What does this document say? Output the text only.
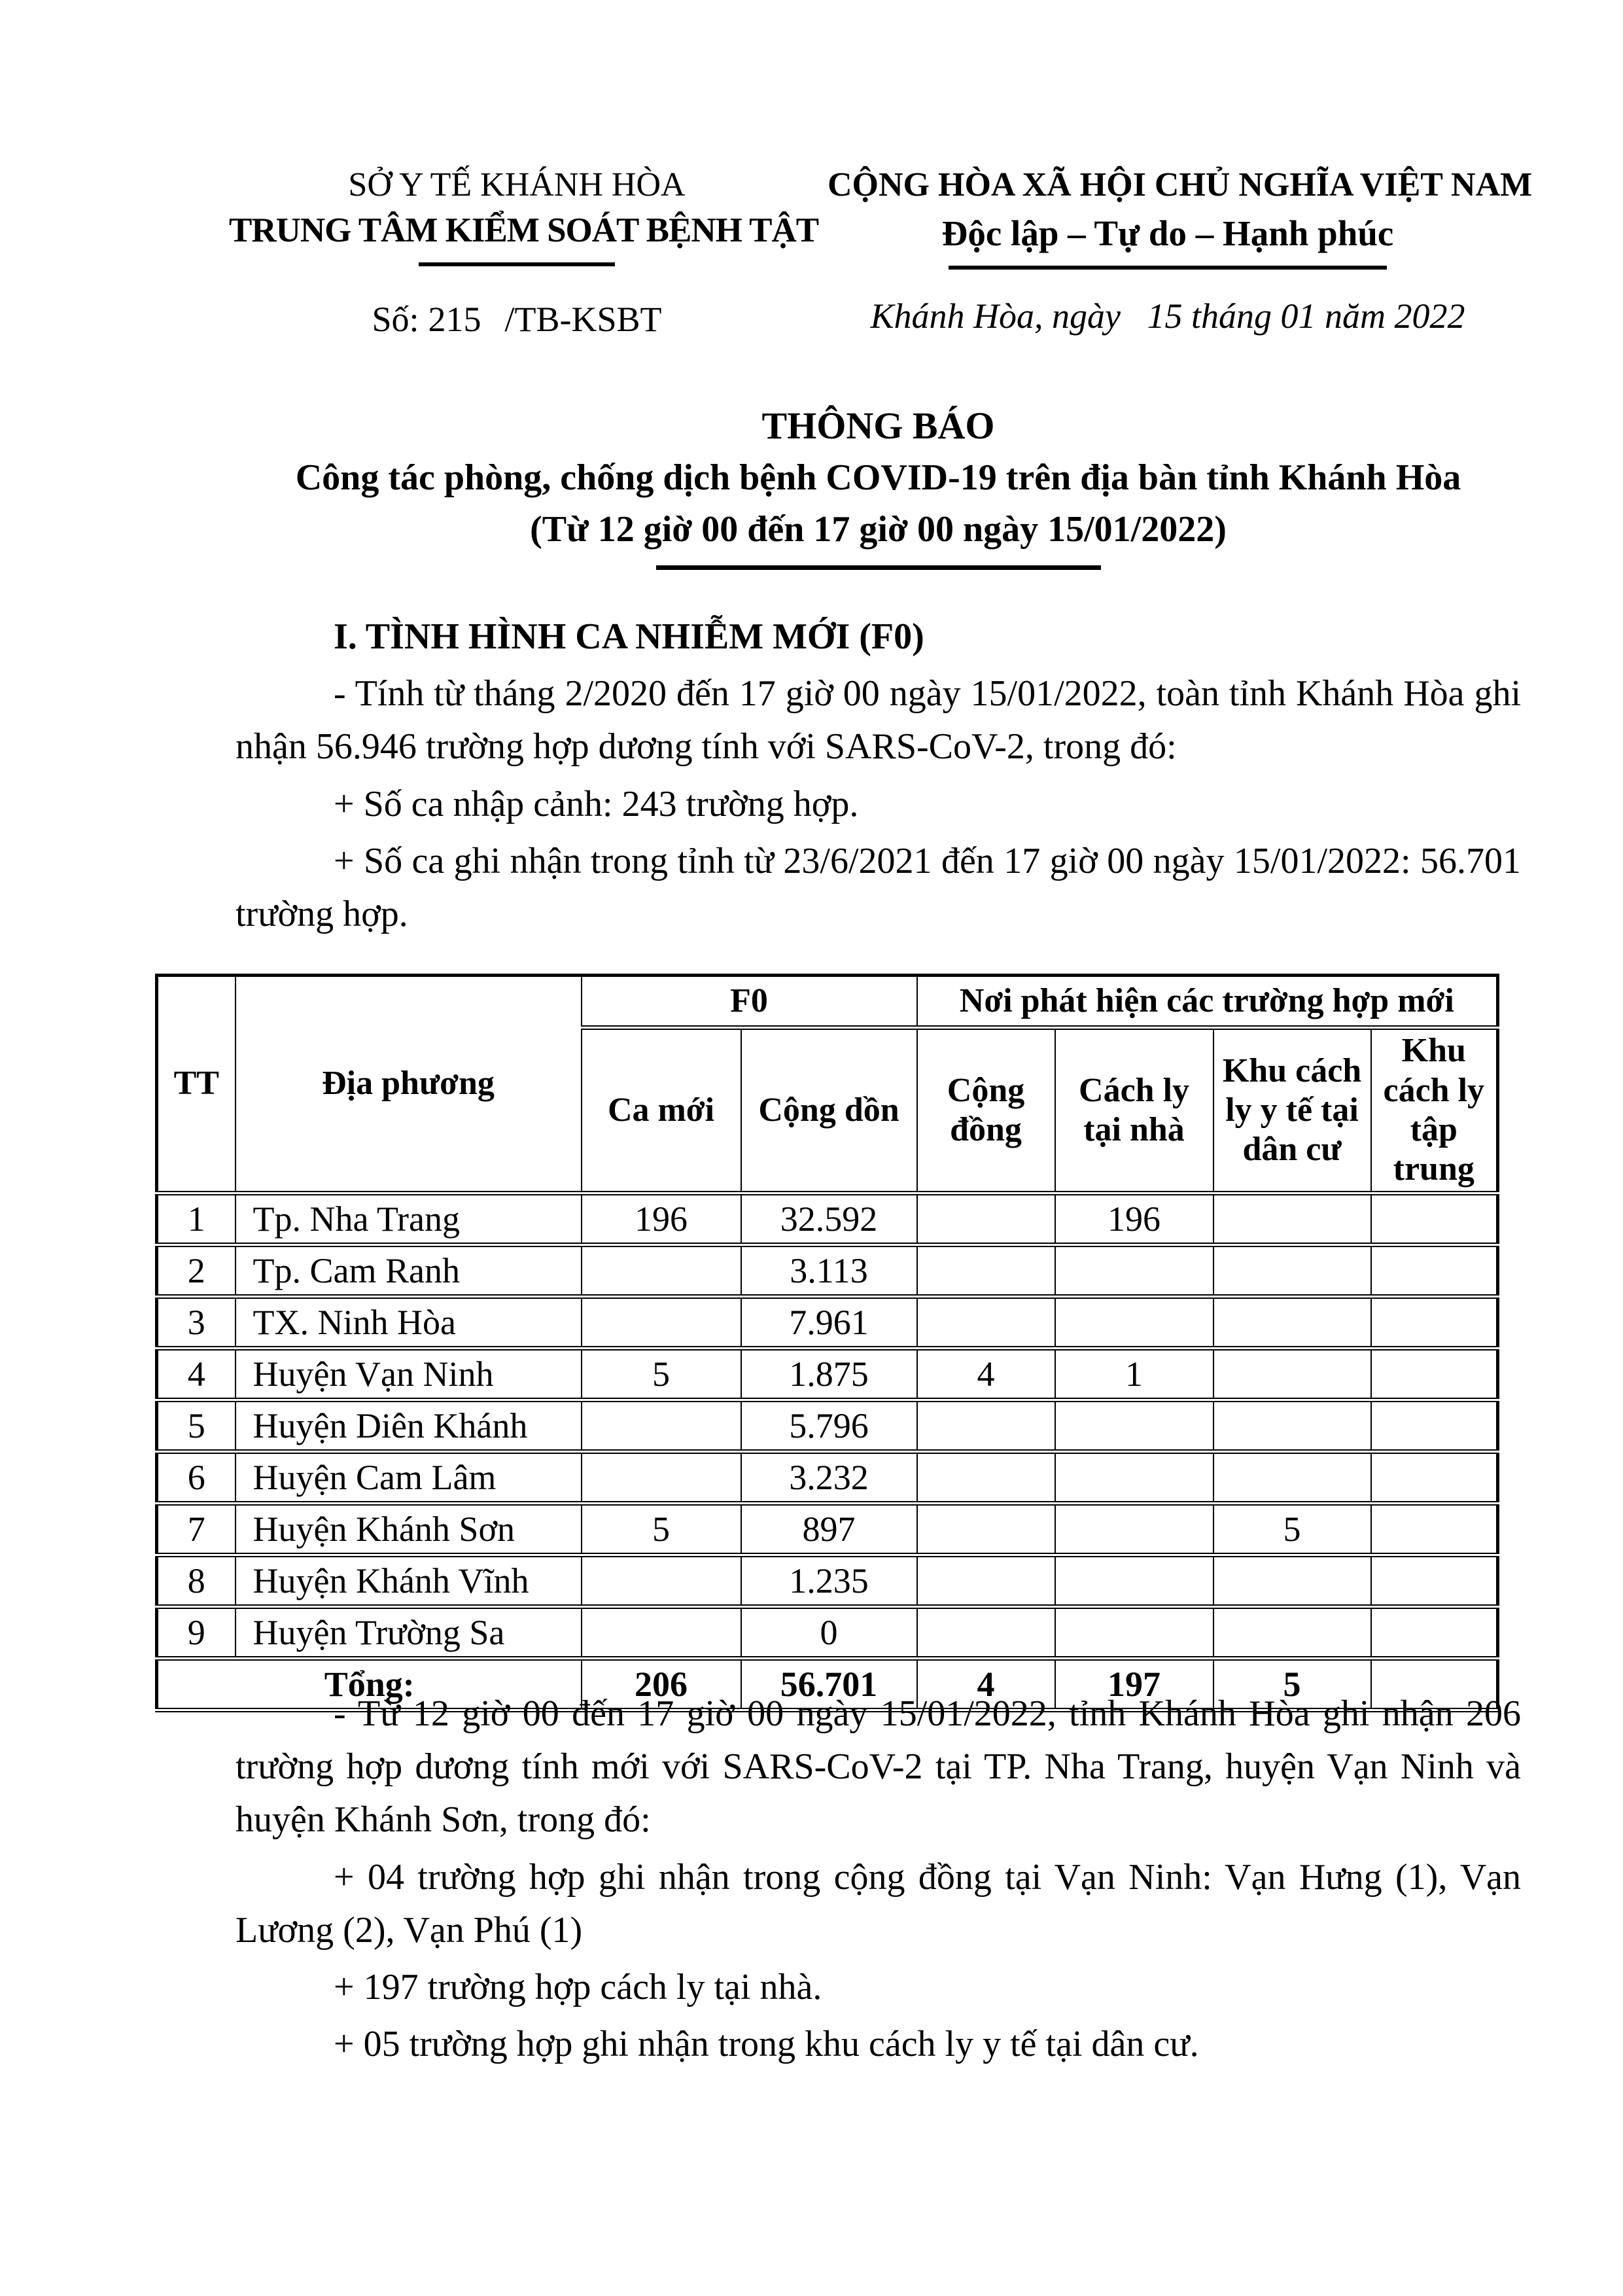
SỞ Y TẾ KHÁNH HÒA
TRUNG TÂM KIỂM SOÁT BỆNH TẬT
Số: 215 /TB-KSBT
CỘNG HÒA XÃ HỘI CHỦ NGHĨA VIỆT NAM
Độc lập – Tự do – Hạnh phúc
Khánh Hòa, ngày   15 tháng 01 năm 2022
THÔNG BÁO
Công tác phòng, chống dịch bệnh COVID-19 trên địa bàn tỉnh Khánh Hòa
(Từ 12 giờ 00 đến 17 giờ 00 ngày 15/01/2022)
I. TÌNH HÌNH CA NHIỄM MỚI (F0)

- Tính từ tháng 2/2020 đến 17 giờ 00 ngày 15/01/2022, toàn tỉnh Khánh Hòa ghi nhận 56.946 trường hợp dương tính với SARS-CoV-2, trong đó:

+ Số ca nhập cảnh: 243 trường hợp.

+ Số ca ghi nhận trong tỉnh từ 23/6/2021 đến 17 giờ 00 ngày 15/01/2022: 56.701 trường hợp.

- Từ 12 giờ 00 đến 17 giờ 00 ngày 15/01/2022, tỉnh Khánh Hòa ghi nhận 206 trường hợp dương tính mới với SARS-CoV-2 tại TP. Nha Trang, huyện Vạn Ninh và huyện Khánh Sơn, trong đó:

+ 04 trường hợp ghi nhận trong cộng đồng tại Vạn Ninh: Vạn Hưng (1), Vạn Lương (2), Vạn Phú (1)

+ 197 trường hợp cách ly tại nhà.

+ 05 trường hợp ghi nhận trong khu cách ly y tế tại dân cư.

TT	Địa phương	F0		Nơi phát hiện các trường hợp mới			
		Ca mới	Cộng dồn	Cộng đồng	Cách ly tại nhà	Khu cách ly y tế tại dân cư	Khu cách ly tập trung
1	Tp. Nha Trang	196	32.592		196		
2	Tp. Cam Ranh		3.113				
3	TX. Ninh Hòa		7.961				
4	Huyện Vạn Ninh	5	1.875	4	1		
5	Huyện Diên Khánh		5.796				
6	Huyện Cam Lâm		3.232				
7	Huyện Khánh Sơn	5	897			5	
8	Huyện Khánh Vĩnh		1.235				
9	Huyện Trường Sa		0				
Tổng:		206	56.701	4	197	5	
